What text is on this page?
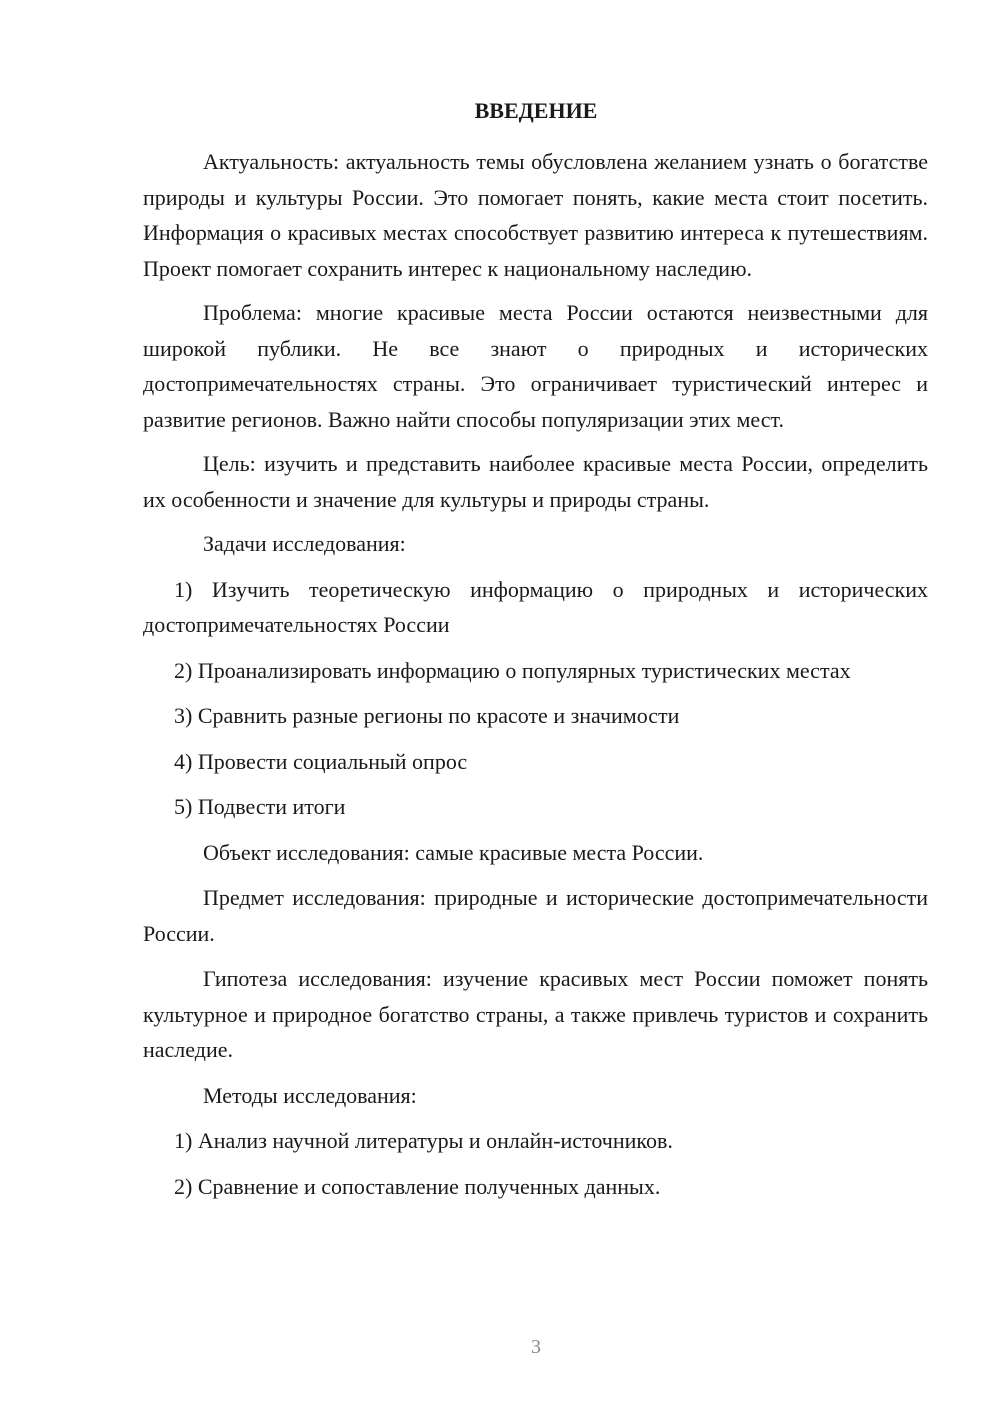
ВВЕДЕНИЕ

Актуальность: актуальность темы обусловлена желанием узнать о богатстве природы и культуры России. Это помогает понять, какие места стоит посетить. Информация о красивых местах способствует развитию интереса к путешествиям. Проект помогает сохранить интерес к национальному наследию.

Проблема: многие красивые места России остаются неизвестными для широкой публики. Не все знают о природных и исторических достопримечательностях страны. Это ограничивает туристический интерес и развитие регионов. Важно найти способы популяризации этих мест.

Цель: изучить и представить наиболее красивые места России, определить их особенности и значение для культуры и природы страны.

Задачи исследования:

1) Изучить теоретическую информацию о природных и исторических достопримечательностях России

2) Проанализировать информацию о популярных туристических местах

3) Сравнить разные регионы по красоте и значимости

4) Провести социальный опрос

5) Подвести итоги

Объект исследования: самые красивые места России.

Предмет исследования: природные и исторические достопримечательности России.

Гипотеза исследования: изучение красивых мест России поможет понять культурное и природное богатство страны, а также привлечь туристов и сохранить наследие.

Методы исследования:

1) Анализ научной литературы и онлайн-источников.

2) Сравнение и сопоставление полученных данных.

3
